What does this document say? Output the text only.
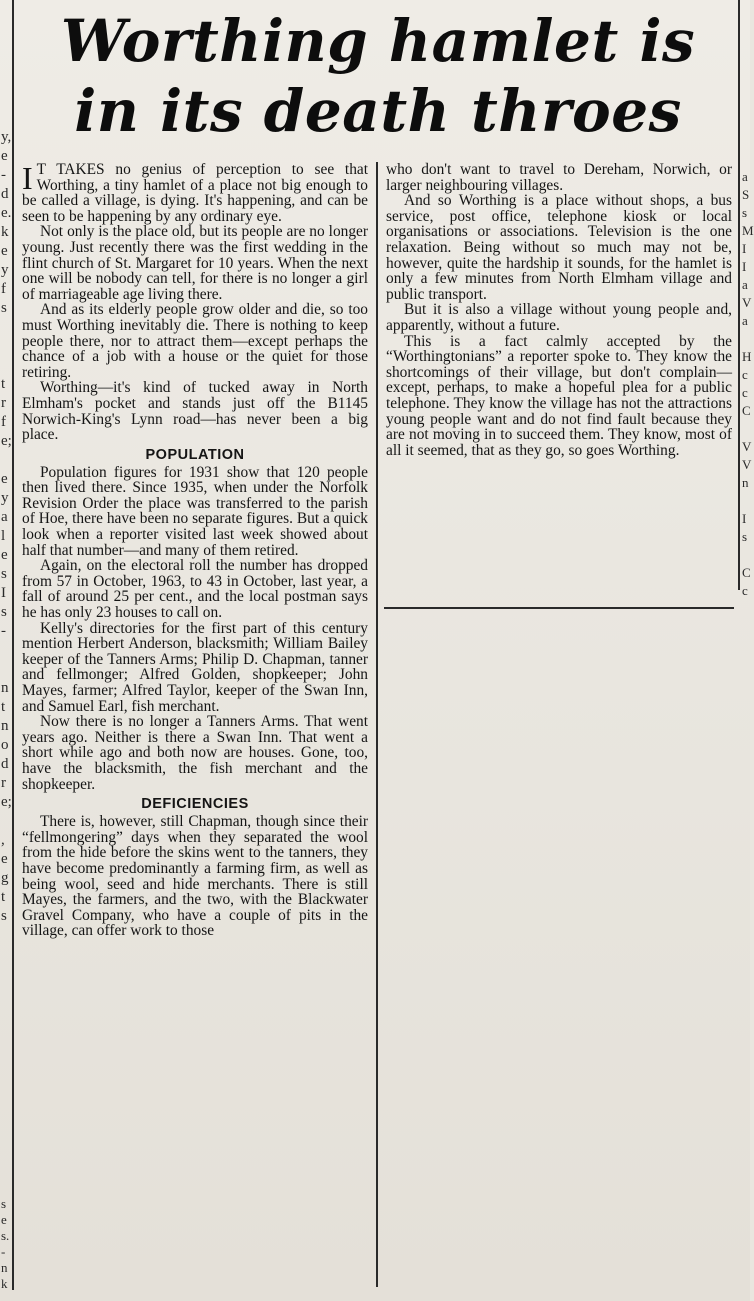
y,
e
-
d
e.
k
e
y
f
s

t
r
f
e;

e
y
a
l
e
s
I
s
-

n
t
n
o
d
r
e;

,
e
g
t
s
s
e
s.
-
n
k
Worthing hamlet is
in its death throes

I T TAKES no genius of perception to see that Worthing, a tiny hamlet of a place not big enough to be called a village, is dying. It's happening, and can be seen to be happening by any ordinary eye.

Not only is the place old, but its people are no longer young. Just recently there was the first wedding in the flint church of St. Margaret for 10 years. When the next one will be nobody can tell, for there is no longer a girl of marriageable age living there.

And as its elderly people grow older and die, so too must Worthing inevitably die. There is nothing to keep people there, nor to attract them—except perhaps the chance of a job with a house or the quiet for those retiring.

Worthing—it's kind of tucked away in North Elmham's pocket and stands just off the B1145 Norwich-King's Lynn road—has never been a big place.

POPULATION

Population figures for 1931 show that 120 people then lived there. Since 1935, when under the Norfolk Revision Order the place was transferred to the parish of Hoe, there have been no separate figures. But a quick look when a reporter visited last week showed about half that number—and many of them retired.

Again, on the electoral roll the number has dropped from 57 in October, 1963, to 43 in October, last year, a fall of around 25 per cent., and the local postman says he has only 23 houses to call on.

Kelly's directories for the first part of this century mention Herbert Anderson, blacksmith; William Bailey keeper of the Tanners Arms; Philip D. Chapman, tanner and fellmonger; Alfred Golden, shopkeeper; John Mayes, farmer; Alfred Taylor, keeper of the Swan Inn, and Samuel Earl, fish merchant.

Now there is no longer a Tanners Arms. That went years ago. Neither is there a Swan Inn. That went a short while ago and both now are houses. Gone, too, have the blacksmith, the fish merchant and the shopkeeper.

DEFICIENCIES

There is, however, still Chapman, though since their “fellmongering” days when they separated the wool from the hide before the skins went to the tanners, they have become predominantly a farming firm, as well as being wool, seed and hide merchants. There is still Mayes, the farmers, and the two, with the Blackwater Gravel Company, who have a couple of pits in the village, can offer work to those

who don't want to travel to Dereham, Norwich, or larger neighbouring villages.

And so Worthing is a place without shops, a bus service, post office, telephone kiosk or local organisations or associations. Television is the one relaxation. Being without so much may not be, however, quite the hardship it sounds, for the hamlet is only a few minutes from North Elmham village and public transport.

But it is also a village without young people and, apparently, without a future.

This is a fact calmly accepted by the “Worthingtonians” a reporter spoke to. They know the shortcomings of their village, but don't complain—except, perhaps, to make a hopeful plea for a public telephone. They know the village has not the attractions young people want and do not find fault because they are not moving in to succeed them. They know, most of all it seemed, that as they go, so goes Worthing.

a
S
s
M
I
I
a
V
a

H
c
c
C

V
V
n

I
s

C
c
